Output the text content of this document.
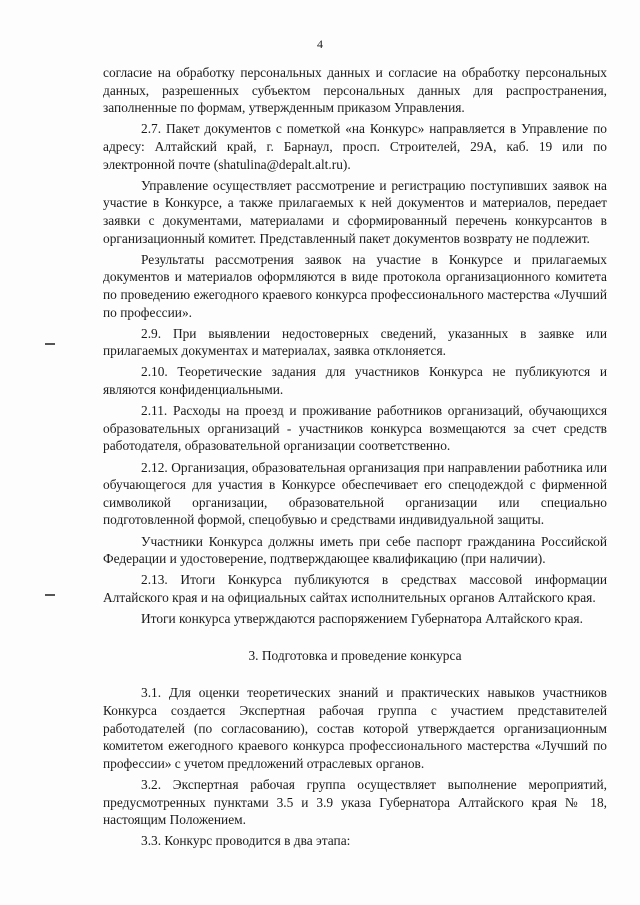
4

согласие на обработку персональных данных и согласие на обработку персональных данных, разрешенных субъектом персональных данных для распространения, заполненные по формам, утвержденным приказом Управления.

2.7. Пакет документов с пометкой «на Конкурс» направляется в Управление по адресу: Алтайский край, г. Барнаул, просп. Строителей, 29А, каб. 19 или по электронной почте (shatulina@depalt.alt.ru).

Управление осуществляет рассмотрение и регистрацию поступивших заявок на участие в Конкурсе, а также прилагаемых к ней документов и материалов, передает заявки с документами, материалами и сформированный перечень конкурсантов в организационный комитет. Представленный пакет документов возврату не подлежит.

Результаты рассмотрения заявок на участие в Конкурсе и прилагаемых документов и материалов оформляются в виде протокола организационного комитета по проведению ежегодного краевого конкурса профессионального мастерства «Лучший по профессии».

2.9. При выявлении недостоверных сведений, указанных в заявке или прилагаемых документах и материалах, заявка отклоняется.

2.10. Теоретические задания для участников Конкурса не публикуются и являются конфиденциальными.

2.11. Расходы на проезд и проживание работников организаций, обучающихся образовательных организаций - участников конкурса возмещаются за счет средств работодателя, образовательной организации соответственно.

2.12. Организация, образовательная организация при направлении работника или обучающегося для участия в Конкурсе обеспечивает его спецодеждой с фирменной символикой организации, образовательной организации или специально подготовленной формой, спецобувью и средствами индивидуальной защиты.

Участники Конкурса должны иметь при себе паспорт гражданина Российской Федерации и удостоверение, подтверждающее квалификацию (при наличии).

2.13. Итоги Конкурса публикуются в средствах массовой информации Алтайского края и на официальных сайтах исполнительных органов Алтайского края.

Итоги конкурса утверждаются распоряжением Губернатора Алтайского края.

3. Подготовка и проведение конкурса

3.1. Для оценки теоретических знаний и практических навыков участников Конкурса создается Экспертная рабочая группа с участием представителей работодателей (по согласованию), состав которой утверждается организационным комитетом ежегодного краевого конкурса профессионального мастерства «Лучший по профессии» с учетом предложений отраслевых органов.

3.2. Экспертная рабочая группа осуществляет выполнение мероприятий, предусмотренных пунктами 3.5 и 3.9 указа Губернатора Алтайского края № 18, настоящим Положением.

3.3. Конкурс проводится в два этапа:
